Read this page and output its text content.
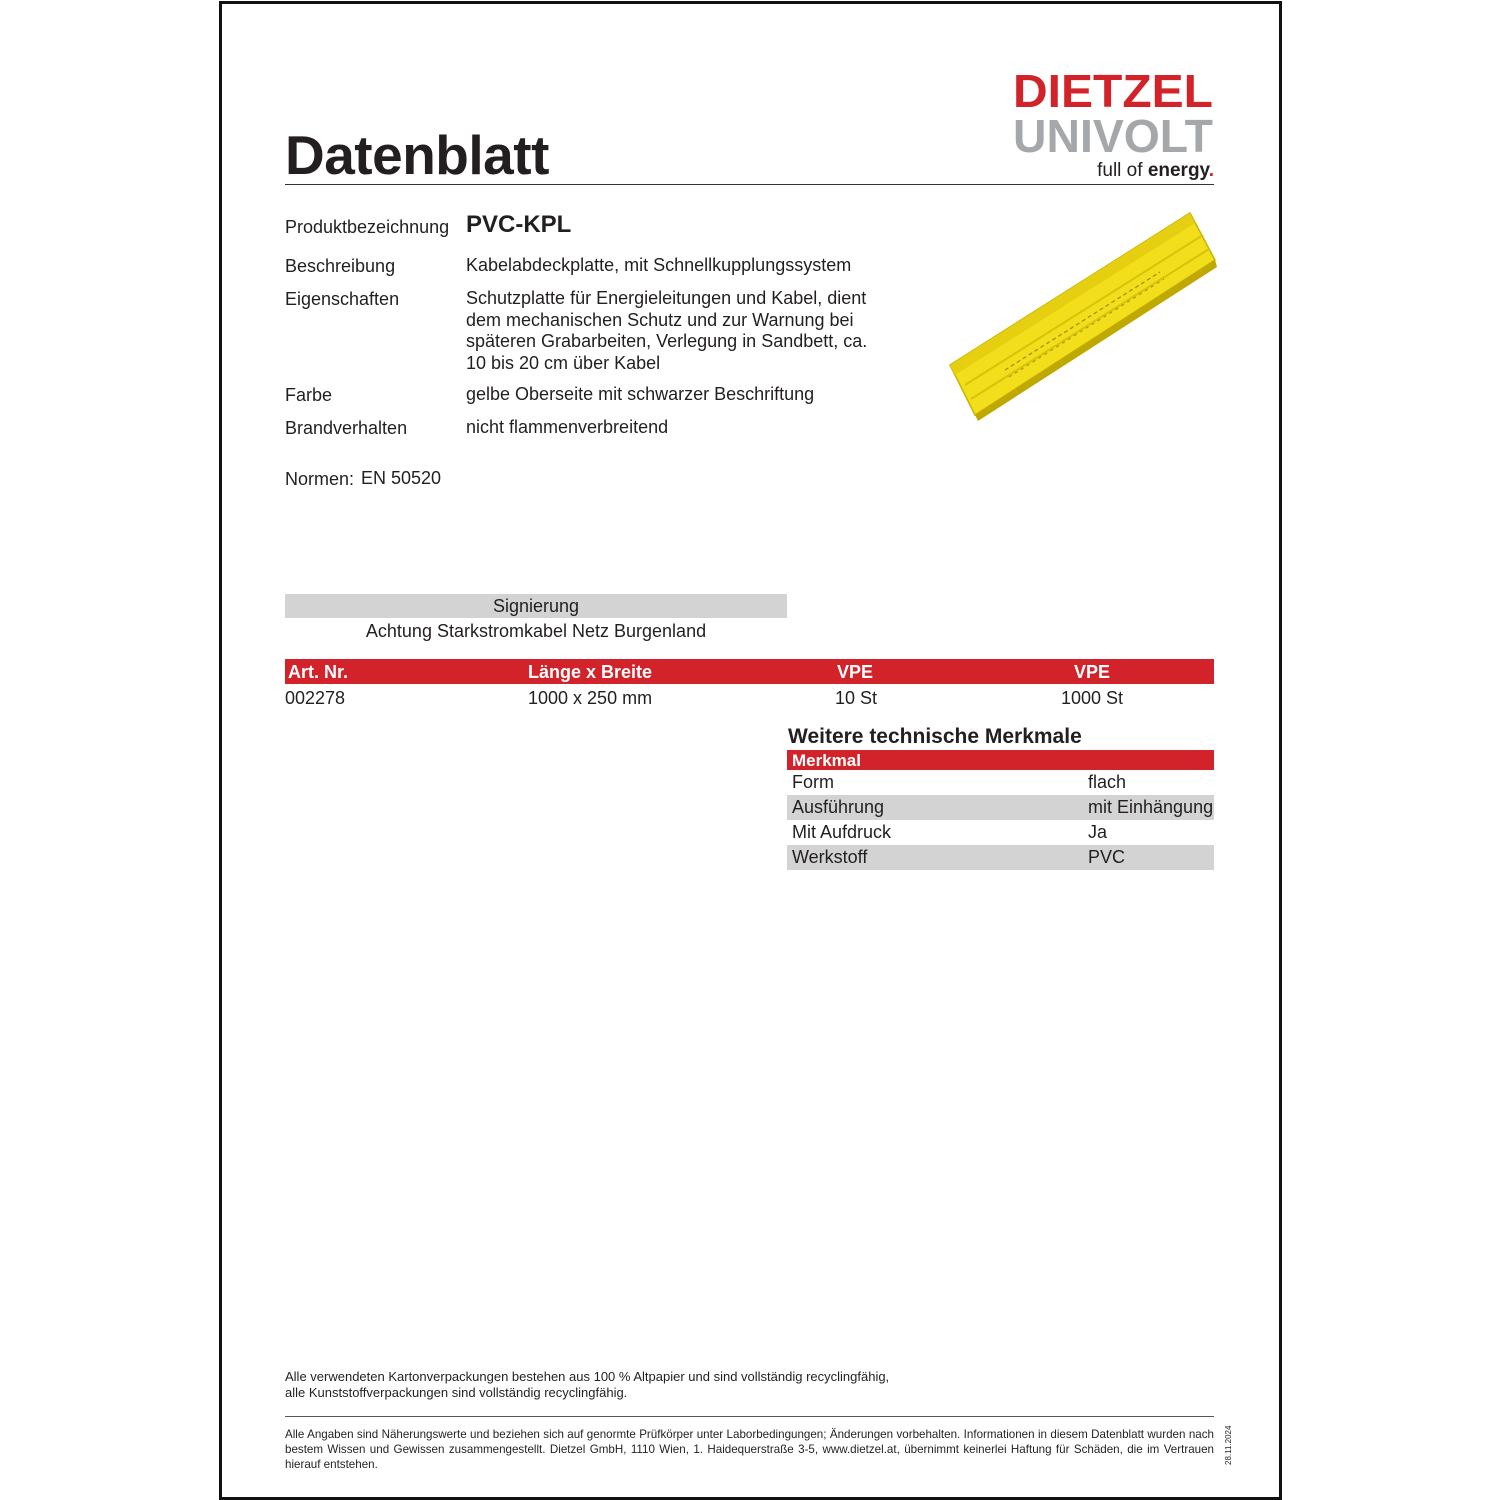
Datenblatt
DIETZEL
UNIVOLT
full of energy.
Produktbezeichnung PVC-KPL
Beschreibung	Kabelabdeckplatte, mit Schnellkupplungssystem
Eigenschaften	Schutzplatte für Energieleitungen und Kabel, dient
dem mechanischen Schutz und zur Warnung bei
späteren Grabarbeiten, Verlegung in Sandbett, ca.
10 bis 20 cm über Kabel
Farbe	gelbe Oberseite mit schwarzer Beschriftung
Brandverhalten	nicht flammenverbreitend
Normen: EN 50520
Signierung
Achtung Starkstromkabel Netz Burgenland
Art. Nr.	Länge x Breite	VPE	VPE
002278	1000 x 250 mm	10 St	1000 St
Weitere technische Merkmale
Merkmal
Form	flach
Ausführung	mit Einhängung
Mit Aufdruck	Ja
Werkstoff	PVC
Alle verwendeten Kartonverpackungen bestehen aus 100 % Altpapier und sind vollständig recyclingfähig,
alle Kunststoffverpackungen sind vollständig recyclingfähig.
Alle Angaben sind Näherungswerte und beziehen sich auf genormte Prüfkörper unter Laborbedingungen; Änderungen vorbehalten. Informationen in diesem Datenblatt wurden nach bestem Wissen und Gewissen zusammengestellt. Dietzel GmbH, 1110 Wien, 1. Haidequerstraße 3-5, www.dietzel.at, übernimmt keinerlei Haftung für Schäden, die im Vertrauen hierauf entstehen.	28.11.2024
